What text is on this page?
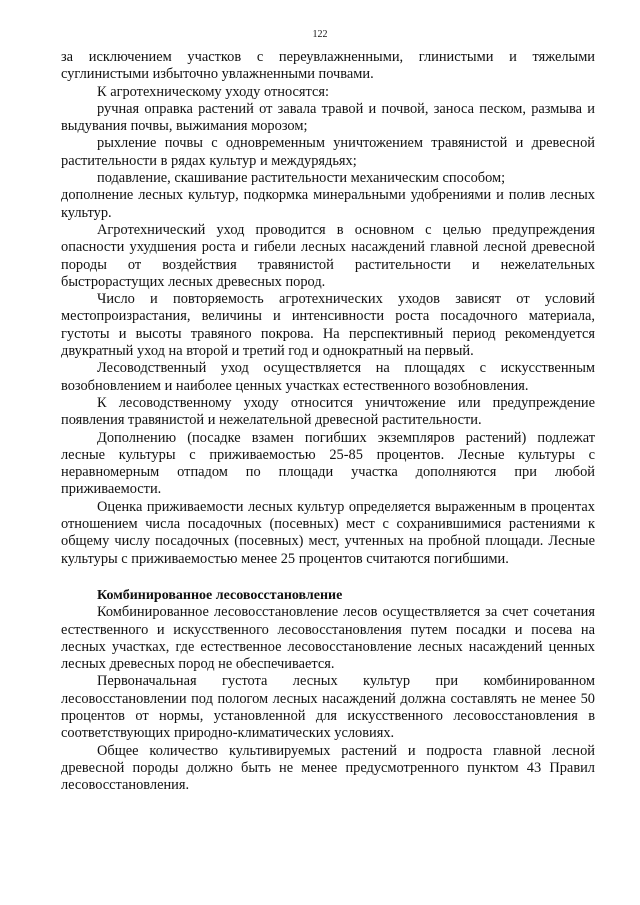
122

за исключением участков с переувлажненными, глинистыми и тяжелыми суглинистыми избыточно увлажненными почвами.

К агротехническому уходу относятся:

ручная оправка растений от завала травой и почвой, заноса песком, размыва и выдувания почвы, выжимания морозом;

рыхление почвы с одновременным уничтожением травянистой и древесной растительности в рядах культур и междурядьях;

подавление, скашивание растительности механическим способом;

дополнение лесных культур, подкормка минеральными удобрениями и полив лесных культур.

Агротехнический уход проводится в основном с целью предупреждения опасности ухудшения роста и гибели лесных насаждений главной лесной древесной породы от воздействия травянистой растительности и нежелательных быстрорастущих лесных древесных пород.

Число и повторяемость агротехнических уходов зависят от условий местопроизрастания, величины и интенсивности роста посадочного материала, густоты и высоты травяного покрова. На перспективный период рекомендуется двукратный уход на второй и третий год и однократный на первый.

Лесоводственный уход осуществляется на площадях с искусственным возобновлением и наиболее ценных участках естественного возобновления.

К лесоводственному уходу относится уничтожение или предупреждение появления травянистой и нежелательной древесной растительности.

Дополнению (посадке взамен погибших экземпляров растений) подлежат лесные культуры с приживаемостью 25-85 процентов. Лесные культуры с неравномерным отпадом по площади участка дополняются при любой приживаемости.

Оценка приживаемости лесных культур определяется выраженным в процентах отношением числа посадочных (посевных) мест с сохранившимися растениями к общему числу посадочных (посевных) мест, учтенных на пробной площади. Лесные культуры с приживаемостью менее 25 процентов считаются погибшими.

Комбинированное лесовосстановление

Комбинированное лесовосстановление лесов осуществляется за счет сочетания естественного и искусственного лесовосстановления путем посадки и посева на лесных участках, где естественное лесовосстановление лесных насаждений ценных лесных древесных пород не обеспечивается.

Первоначальная густота лесных культур при комбинированном лесовосстановлении под пологом лесных насаждений должна составлять не менее 50 процентов от нормы, установленной для искусственного лесовосстановления в соответствующих природно-климатических условиях.

Общее количество культивируемых растений и подроста главной лесной древесной породы должно быть не менее предусмотренного пунктом 43 Правил лесовосстановления.
